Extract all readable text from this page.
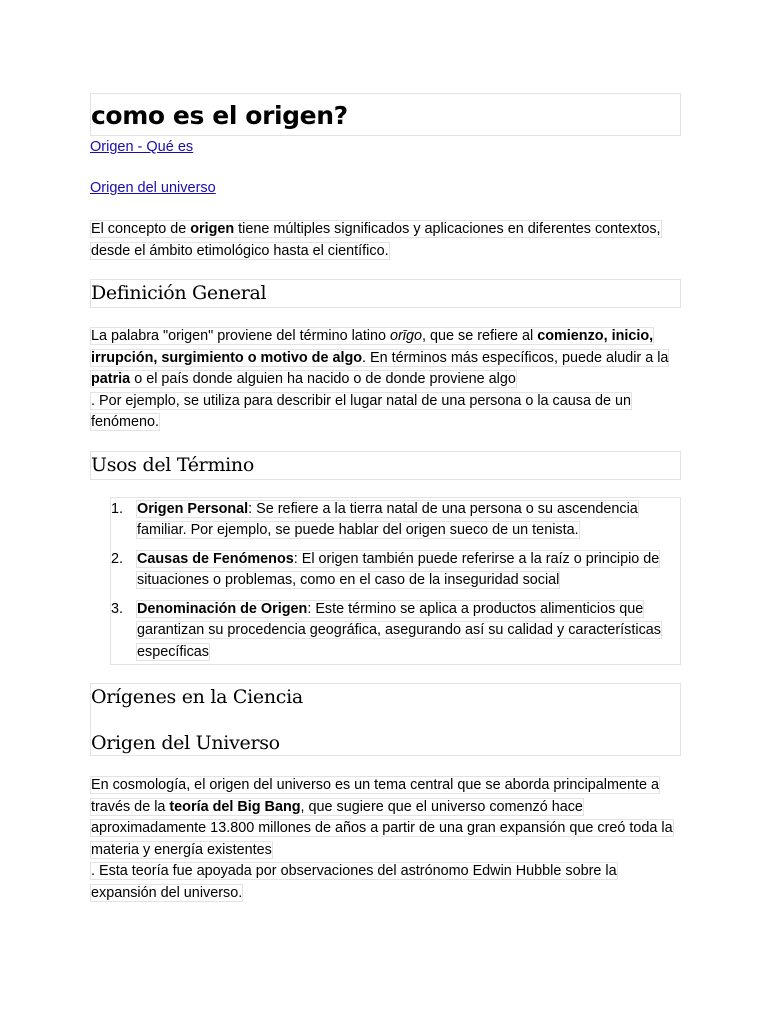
como es el origen?
Origen - Qué es
Origen del universo
El concepto de origen tiene múltiples significados y aplicaciones en diferentes contextos, desde el ámbito etimológico hasta el científico.
Definición General
La palabra "origen" proviene del término latino orīgo, que se refiere al comienzo, inicio, irrupción, surgimiento o motivo de algo. En términos más específicos, puede aludir a la patria o el país donde alguien ha nacido o de donde proviene algo
. Por ejemplo, se utiliza para describir el lugar natal de una persona o la causa de un fenómeno.
Usos del Término
1. Origen Personal: Se refiere a la tierra natal de una persona o su ascendencia familiar. Por ejemplo, se puede hablar del origen sueco de un tenista.
2. Causas de Fenómenos: El origen también puede referirse a la raíz o principio de situaciones o problemas, como en el caso de la inseguridad social
3. Denominación de Origen: Este término se aplica a productos alimenticios que garantizan su procedencia geográfica, asegurando así su calidad y características específicas
Orígenes en la Ciencia
Origen del Universo
En cosmología, el origen del universo es un tema central que se aborda principalmente a través de la teoría del Big Bang, que sugiere que el universo comenzó hace aproximadamente 13.800 millones de años a partir de una gran expansión que creó toda la materia y energía existentes
. Esta teoría fue apoyada por observaciones del astrónomo Edwin Hubble sobre la expansión del universo.
